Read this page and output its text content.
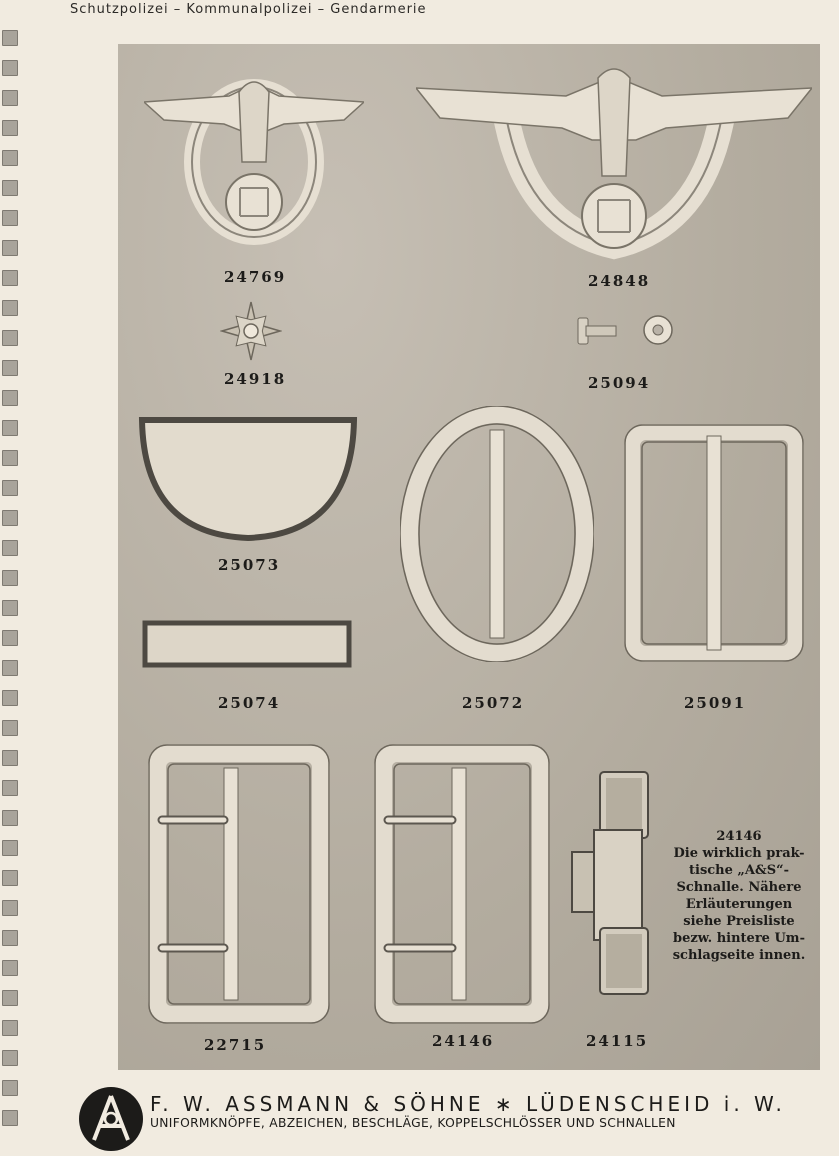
Schutzpolizei – Kommunalpolizei – Gendarmerie
24769	24848
24918	25094
25073
25074	25072	25091
22715	24146	24115
24146
Die wirklich prak-
tische „A&S“-
Schnalle. Nähere
Erläuterungen
siehe Preisliste
bezw. hintere Um-
schlagseite innen.
F. W. ASSMANN & SÖHNE ∗ LÜDENSCHEID i. W.
UNIFORMKNÖPFE, ABZEICHEN, BESCHLÄGE, KOPPELSCHLÖSSER UND SCHNALLEN
